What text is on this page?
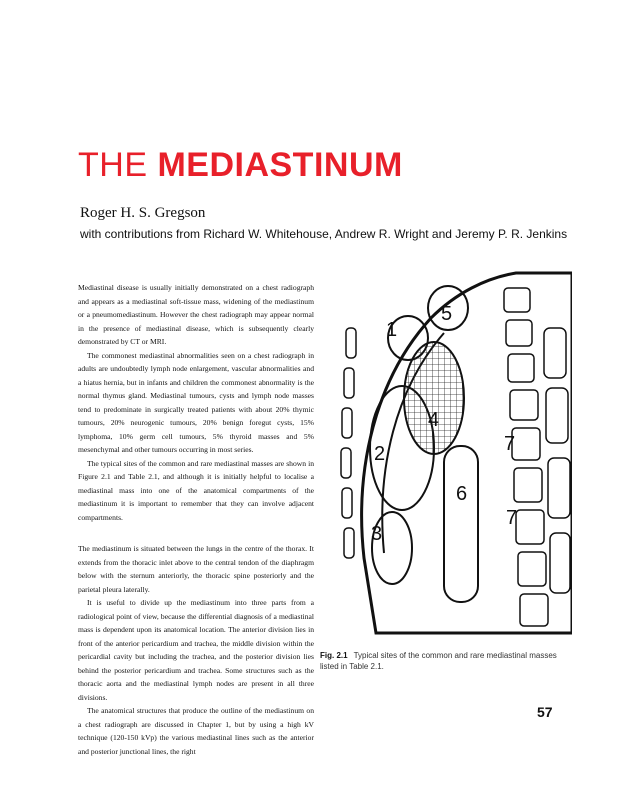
THE MEDIASTINUM
Roger H. S. Gregson
with contributions from Richard W. Whitehouse, Andrew R. Wright and Jeremy P. R. Jenkins

Mediastinal disease is usually initially demonstrated on a chest radiograph and appears as a mediastinal soft-tissue mass, widening of the mediastinum or a pneumomediastinum. However the chest radiograph may appear normal in the presence of mediastinal disease, which is subsequently clearly demonstrated by CT or MRI.

The commonest mediastinal abnormalities seen on a chest radiograph in adults are undoubtedly lymph node enlargement, vascular abnormalities and a hiatus hernia, but in infants and children the commonest abnormality is the normal thymus gland. Mediastinal tumours, cysts and lymph node masses tend to predominate in surgically treated patients with about 20% thymic tumours, 20% neurogenic tumours, 20% benign foregut cysts, 15% lymphoma, 10% germ cell tumours, 5% thyroid masses and 5% mesenchymal and other tumours occurring in most series.

The typical sites of the common and rare mediastinal masses are shown in Figure 2.1 and Table 2.1, and although it is initially helpful to localise a mediastinal mass into one of the anatomical compartments of the mediastinum it is important to remember that they can involve adjacent compartments.

The mediastinum is situated between the lungs in the centre of the thorax. It extends from the thoracic inlet above to the central tendon of the diaphragm below with the sternum anteriorly, the thoracic spine posteriorly and the parietal pleura laterally.

It is useful to divide up the mediastinum into three parts from a radiological point of view, because the differential diagnosis of a mediastinal mass is dependent upon its anatomical location. The anterior division lies in front of the anterior pericardium and trachea, the middle division within the pericardial cavity but including the trachea, and the posterior division lies behind the posterior pericardium and trachea. Some structures such as the thoracic aorta and the mediastinal lymph nodes are present in all three divisions.

The anatomical structures that produce the outline of the mediastinum on a chest radiograph are discussed in Chapter 1, but by using a high kV technique (120-150 kVp) the various mediastinal lines such as the anterior and posterior junctional lines, the right

1
2
3
4
5
6
7
7
Fig. 2.1 Typical sites of the common and rare mediastinal masses listed in Table 2.1.
57
